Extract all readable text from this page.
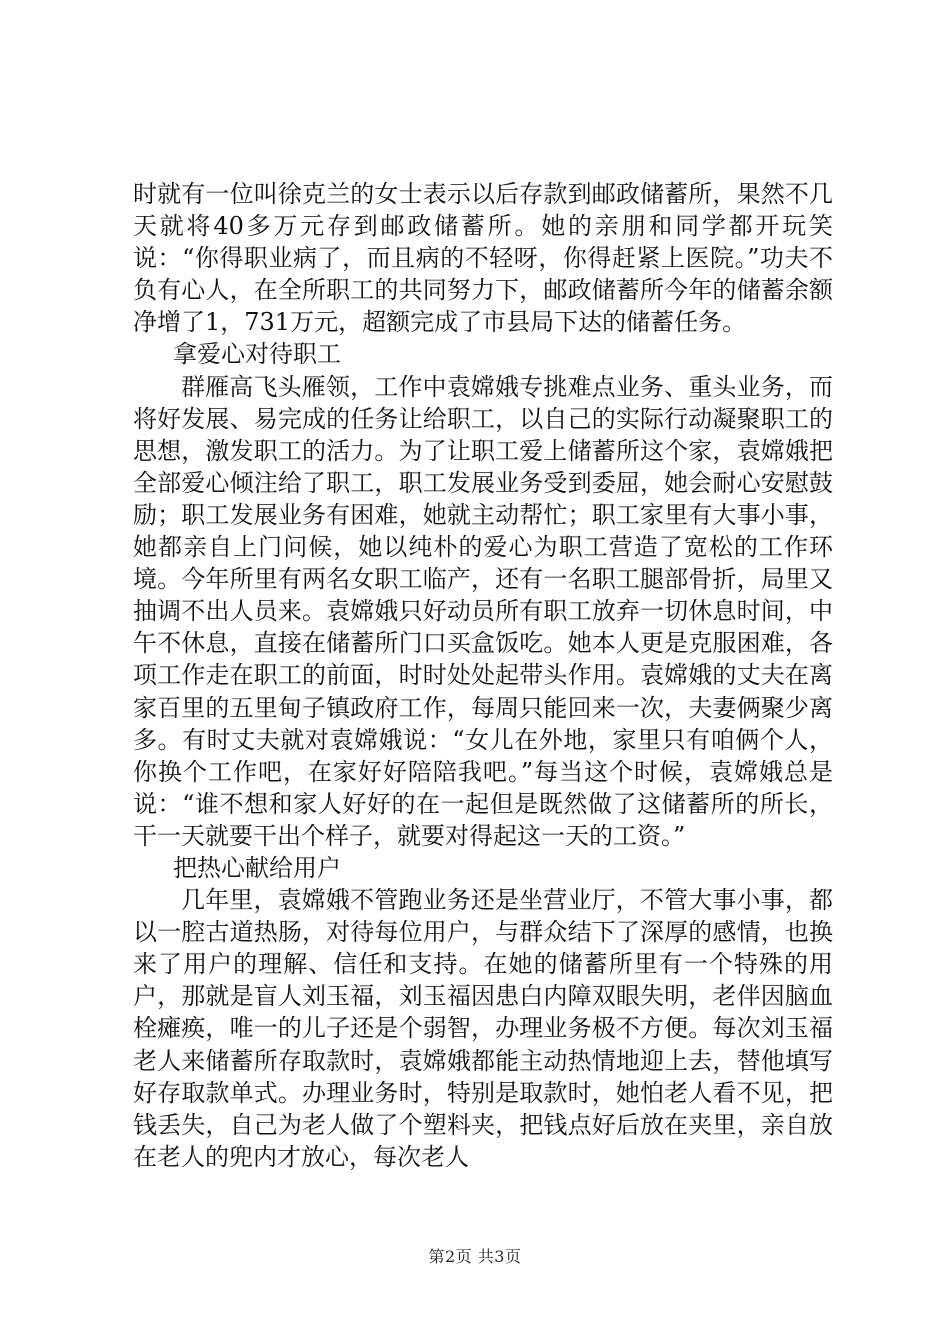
时就有一位叫徐克兰的女士表示以后存款到邮政储蓄所，果然不几天就将40多万元存到邮政储蓄所。她的亲朋和同学都开玩笑说：“你得职业病了，而且病的不轻呀，你得赶紧上医院。”功夫不负有心人，在全所职工的共同努力下，邮政储蓄所今年的储蓄余额净增了1，731万元，超额完成了市县局下达的储蓄任务。

拿爱心对待职工

群雁高飞头雁领，工作中袁嫦娥专挑难点业务、重头业务，而将好发展、易完成的任务让给职工，以自己的实际行动凝聚职工的思想，激发职工的活力。为了让职工爱上储蓄所这个家，袁嫦娥把全部爱心倾注给了职工，职工发展业务受到委屈，她会耐心安慰鼓励；职工发展业务有困难，她就主动帮忙；职工家里有大事小事，她都亲自上门问候，她以纯朴的爱心为职工营造了宽松的工作环境。今年所里有两名女职工临产，还有一名职工腿部骨折，局里又抽调不出人员来。袁嫦娥只好动员所有职工放弃一切休息时间，中午不休息，直接在储蓄所门口买盒饭吃。她本人更是克服困难，各项工作走在职工的前面，时时处处起带头作用。袁嫦娥的丈夫在离家百里的五里甸子镇政府工作，每周只能回来一次，夫妻俩聚少离多。有时丈夫就对袁嫦娥说：“女儿在外地，家里只有咱俩个人，你换个工作吧，在家好好陪陪我吧。”每当这个时候，袁嫦娥总是说：“谁不想和家人好好的在一起但是既然做了这储蓄所的所长，干一天就要干出个样子，就要对得起这一天的工资。”

把热心献给用户

几年里，袁嫦娥不管跑业务还是坐营业厅，不管大事小事，都以一腔古道热肠，对待每位用户，与群众结下了深厚的感情，也换来了用户的理解、信任和支持。在她的储蓄所里有一个特殊的用户，那就是盲人刘玉福，刘玉福因患白内障双眼失明，老伴因脑血栓瘫痪，唯一的儿子还是个弱智，办理业务极不方便。每次刘玉福老人来储蓄所存取款时，袁嫦娥都能主动热情地迎上去，替他填写好存取款单式。办理业务时，特别是取款时，她怕老人看不见，把钱丢失，自己为老人做了个塑料夹，把钱点好后放在夹里，亲自放在老人的兜内才放心，每次老人

第2页 共3页
